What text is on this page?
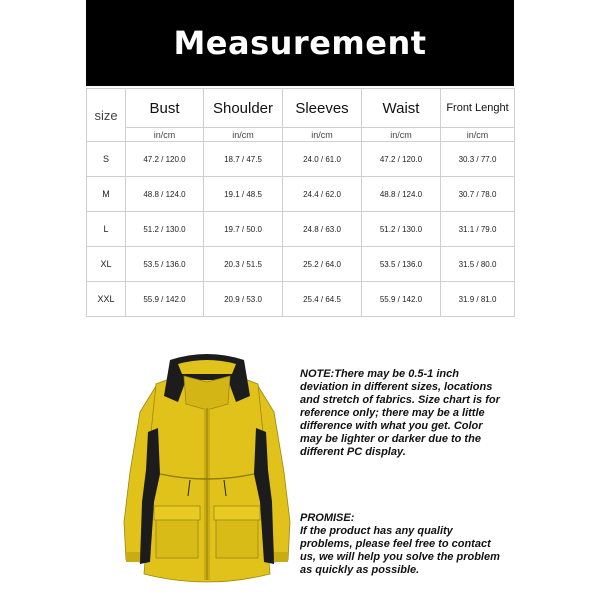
Measurement
size	Bust	Shoulder	Sleeves	Waist	Front Lenght
	in/cm	in/cm	in/cm	in/cm	in/cm
S	47.2 / 120.0	18.7 / 47.5	24.0 / 61.0	47.2 / 120.0	30.3 / 77.0
M	48.8 / 124.0	19.1 / 48.5	24.4 / 62.0	48.8 / 124.0	30.7 / 78.0
L	51.2 / 130.0	19.7 / 50.0	24.8 / 63.0	51.2 / 130.0	31.1 / 79.0
XL	53.5 / 136.0	20.3 / 51.5	25.2 / 64.0	53.5 / 136.0	31.5 / 80.0
XXL	55.9 / 142.0	20.9 / 53.0	25.4 / 64.5	55.9 / 142.0	31.9 / 81.0

NOTE:There may be 0.5-1 inch deviation in different sizes, locations and stretch of fabrics. Size chart is for reference only; there may be a little difference with what you get. Color may be lighter or darker due to the different PC display.

PROMISE:
If the product has any quality problems, please feel free to contact us, we will help you solve the problem as quickly as possible.
